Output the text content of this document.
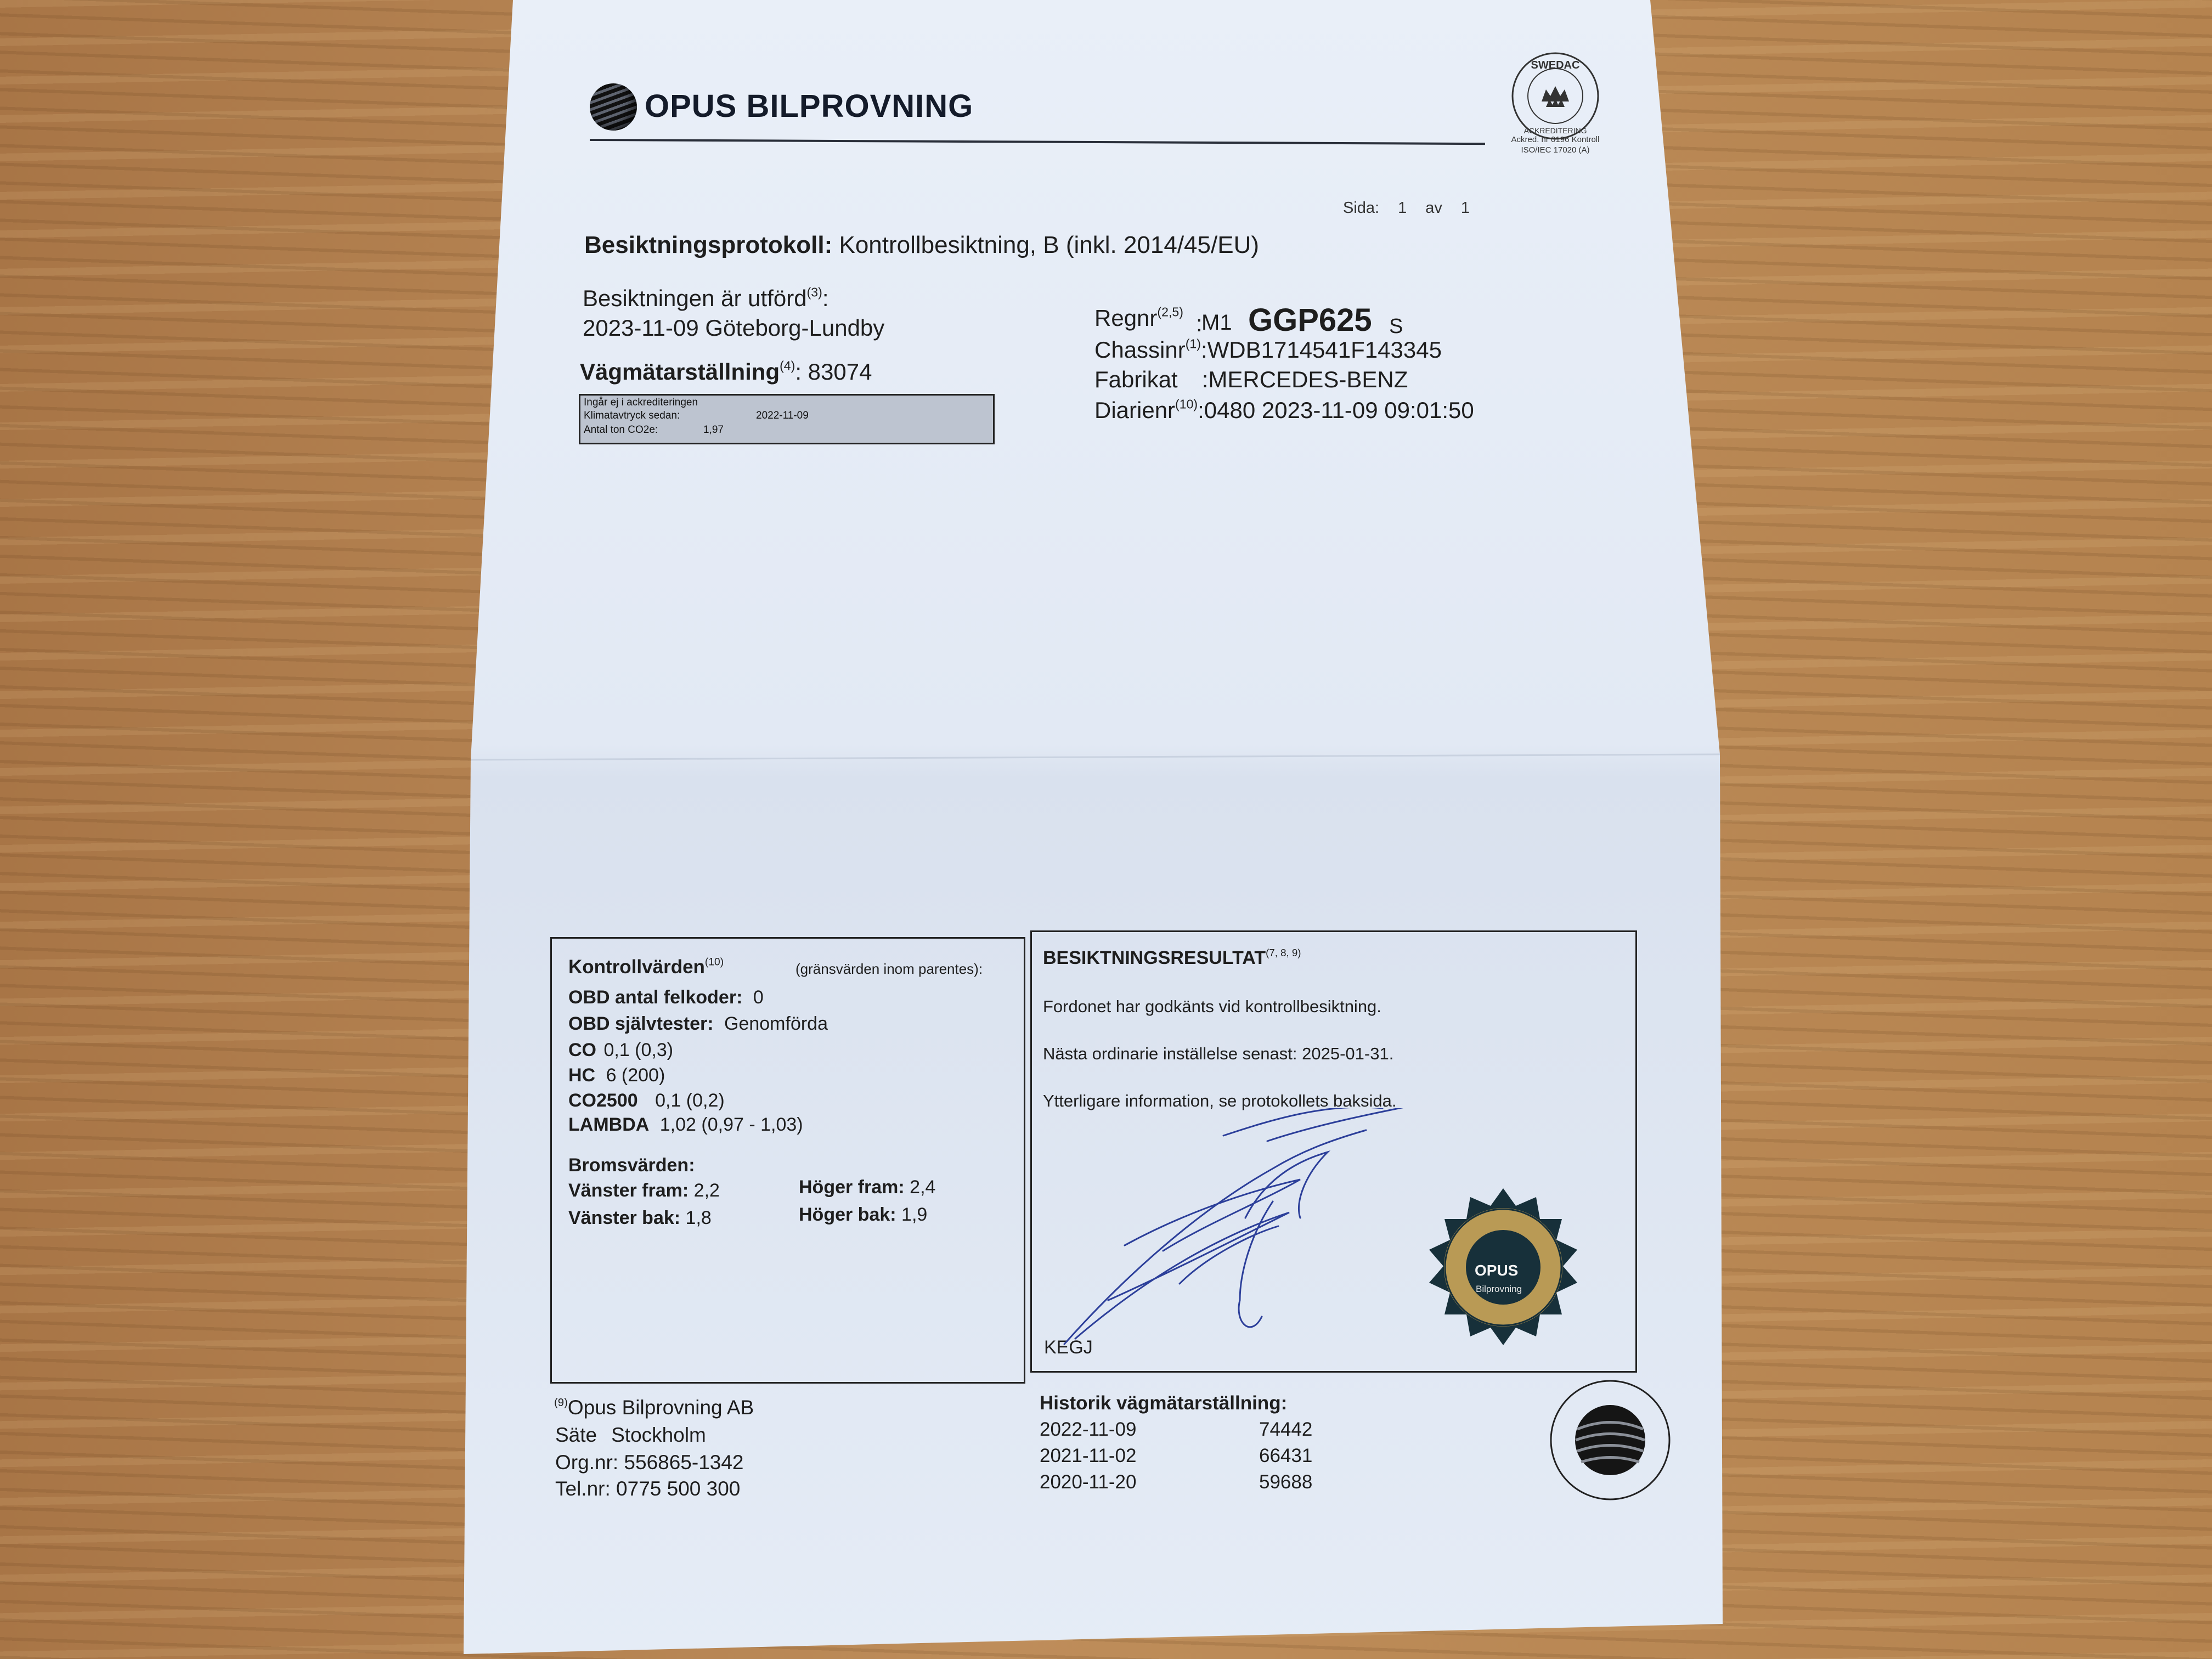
OPUS BILPROVNING
SWEDAC
ACKREDITERING
Ackred. nr 0196 Kontroll ISO/IEC 17020 (A)
Sida: 1 av 1
Besiktningsprotokoll: Kontrollbesiktning, B (inkl. 2014/45/EU)
Besiktningen är utförd$^{(3)}$:
2023-11-09 Göteborg-Lundby
Vägmätarställning$^{(4)}$: 83074
Ingår ej i ackrediteringen
Klimatavtryck sedan:	2022-11-09
Antal ton CO2e:	1,97
Regnr$^{(2,5)}$ :
M1 GGP625 S
Chassinr$^{(1)}$:WDB1714541F143345
Fabrikat :MERCEDES-BENZ
Diarienr$^{(10)}$:0480 2023-11-09 09:01:50
Kontrollvärden$^{(10)}$	(gränsvärden inom parentes):
OBD antal felkoder: 0
OBD självtester: Genomförda
CO 0,1 (0,3)
HC 6 (200)
CO2500 0,1 (0,2)
LAMBDA 1,02 (0,97 - 1,03)
Bromsvärden:
Vänster fram: 2,2	Höger fram: 2,4
Vänster bak: 1,8	Höger bak: 1,9
BESIKTNINGSRESULTAT$^{(7, 8, 9)}$
Fordonet har godkänts vid kontrollbesiktning.
Nästa ordinarie inställelse senast: 2025-01-31.
Ytterligare information, se protokollets baksida.
KEGJ
OPUS
Bilprovning
$^{(9)}$Opus Bilprovning AB
Säte Stockholm
Org.nr: 556865-1342
Tel.nr: 0775 500 300
Historik vägmätarställning:
2022-11-09	74442
2021-11-02	66431
2020-11-20	59688
